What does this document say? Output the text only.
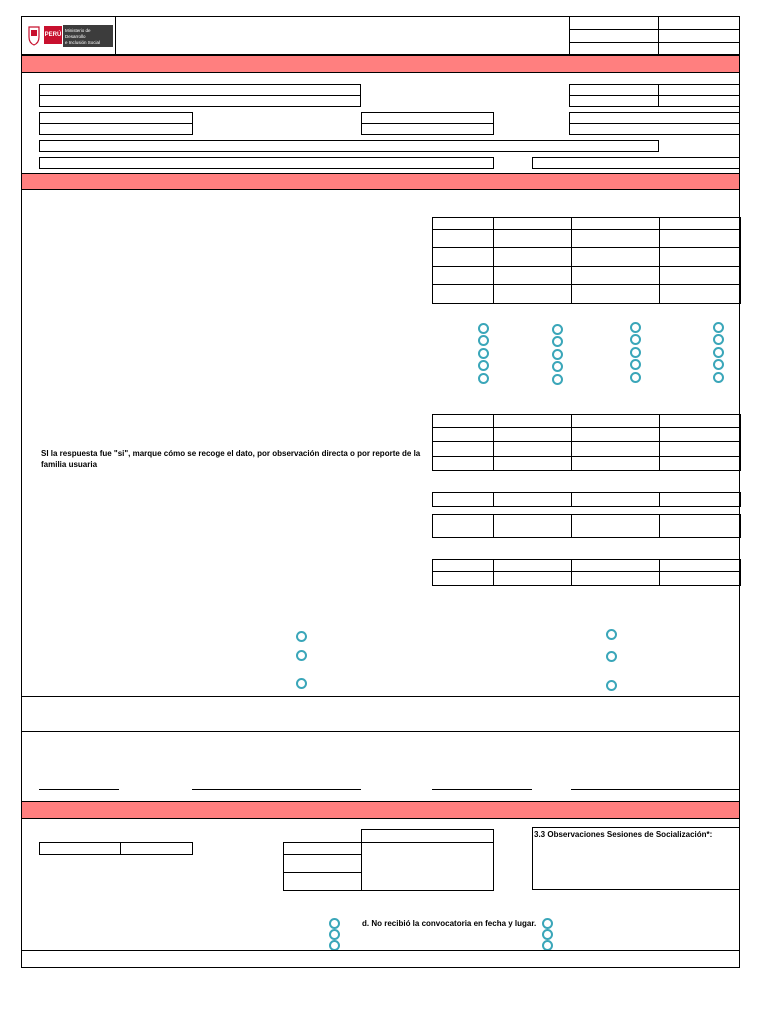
PERÚ
Ministerio de Desarrollo
e Inclusión Social

SI la respuesta fue "si", marque cómo se recoge el dato, por observación directa o por reporte de la familia usuaria

3.3 Observaciones Sesiones de Socialización*:
d. No recibió la convocatoria en fecha y lugar.
